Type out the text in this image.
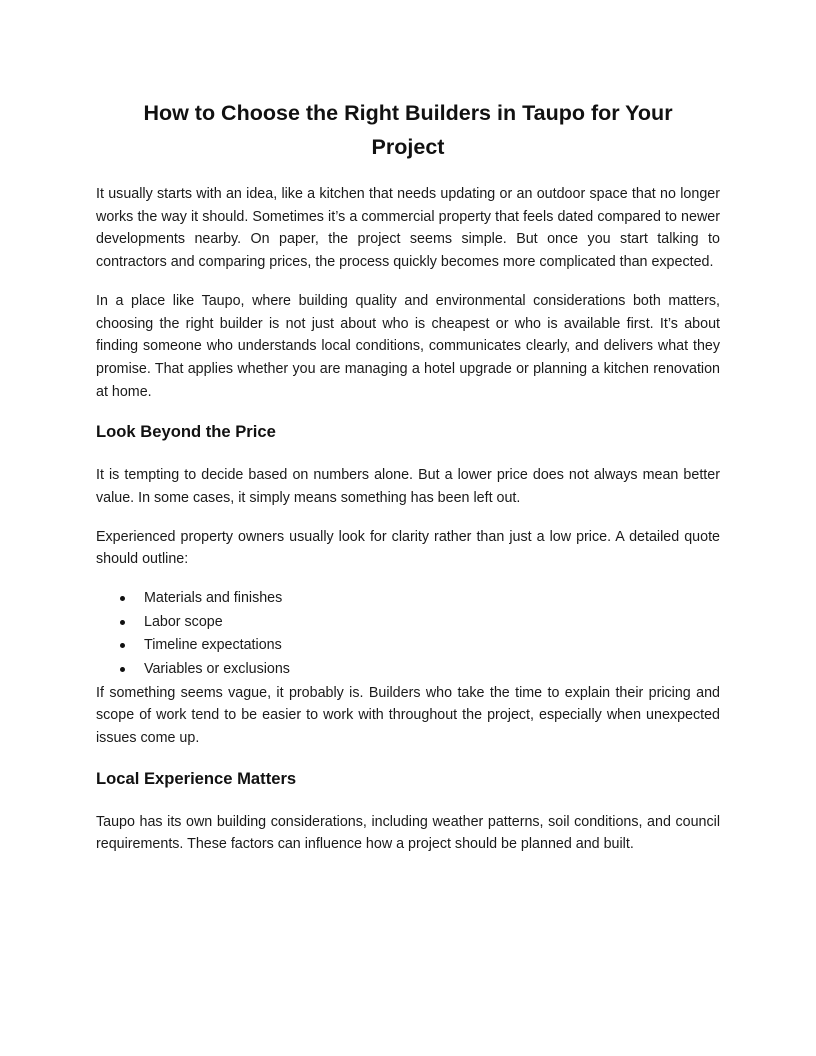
How to Choose the Right Builders in Taupo for Your Project

It usually starts with an idea, like a kitchen that needs updating or an outdoor space that no longer works the way it should. Sometimes it’s a commercial property that feels dated compared to newer developments nearby. On paper, the project seems simple. But once you start talking to contractors and comparing prices, the process quickly becomes more complicated than expected.

In a place like Taupo, where building quality and environmental considerations both matters, choosing the right builder is not just about who is cheapest or who is available first. It’s about finding someone who understands local conditions, communicates clearly, and delivers what they promise. That applies whether you are managing a hotel upgrade or planning a kitchen renovation at home.

Look Beyond the Price

It is tempting to decide based on numbers alone. But a lower price does not always mean better value. In some cases, it simply means something has been left out.

Experienced property owners usually look for clarity rather than just a low price. A detailed quote should outline:

Materials and finishes
Labor scope
Timeline expectations
Variables or exclusions

If something seems vague, it probably is. Builders who take the time to explain their pricing and scope of work tend to be easier to work with throughout the project, especially when unexpected issues come up.

Local Experience Matters

Taupo has its own building considerations, including weather patterns, soil conditions, and council requirements. These factors can influence how a project should be planned and built.
